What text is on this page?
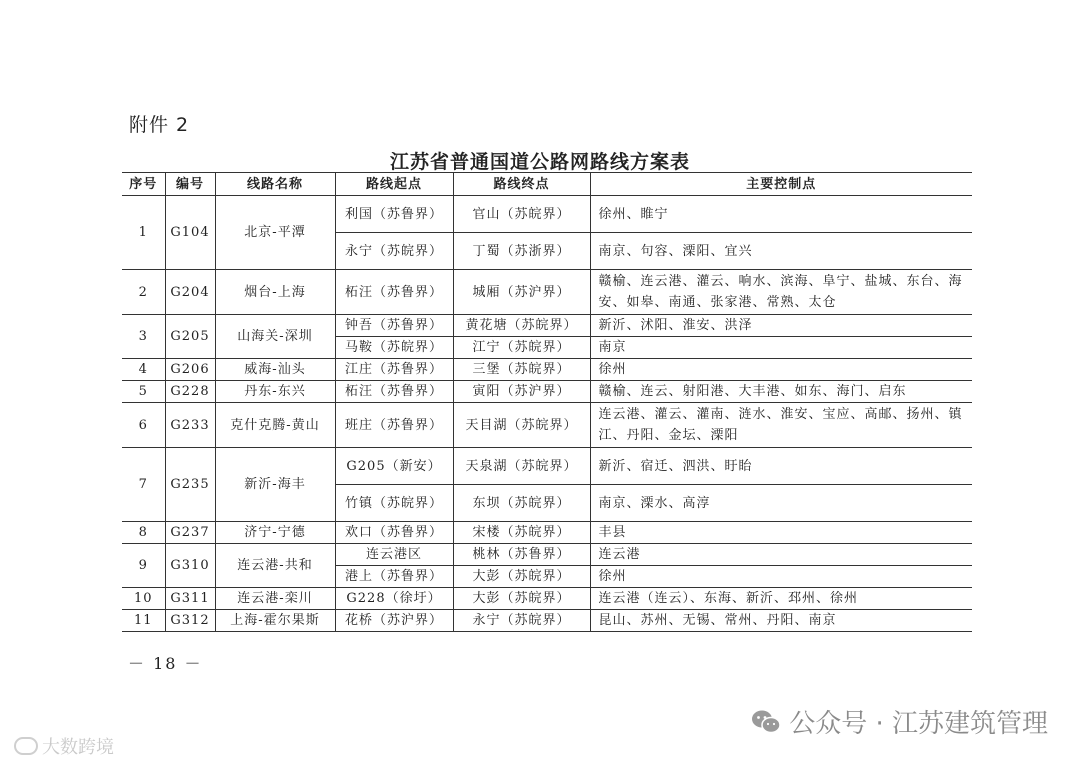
附件 2
江苏省普通国道公路网路线方案表
序号	编号	线路名称	路线起点	路线终点	主要控制点
1	G104	北京-平潭	利国（苏鲁界）	官山（苏皖界）	徐州、睢宁
			永宁（苏皖界）	丁蜀（苏浙界）	南京、句容、溧阳、宜兴
2	G204	烟台-上海	柘汪（苏鲁界）	城厢（苏沪界）	赣榆、连云港、灌云、响水、滨海、阜宁、盐城、东台、海安、如皋、南通、张家港、常熟、太仓
3	G205	山海关-深圳	钟吾（苏鲁界）	黄花塘（苏皖界）	新沂、沭阳、淮安、洪泽
			马鞍（苏皖界）	江宁（苏皖界）	南京
4	G206	威海-汕头	江庄（苏鲁界）	三堡（苏皖界）	徐州
5	G228	丹东-东兴	柘汪（苏鲁界）	寅阳（苏沪界）	赣榆、连云、射阳港、大丰港、如东、海门、启东
6	G233	克什克腾-黄山	班庄（苏鲁界）	天目湖（苏皖界）	连云港、灌云、灌南、涟水、淮安、宝应、高邮、扬州、镇江、丹阳、金坛、溧阳
7	G235	新沂-海丰	G205（新安）	天泉湖（苏皖界）	新沂、宿迁、泗洪、盱眙
			竹镇（苏皖界）	东坝（苏皖界）	南京、溧水、高淳
8	G237	济宁-宁德	欢口（苏鲁界）	宋楼（苏皖界）	丰县
9	G310	连云港-共和	连云港区	桃林（苏鲁界）	连云港
			港上（苏鲁界）	大彭（苏皖界）	徐州
10	G311	连云港-栾川	G228（徐圩）	大彭（苏皖界）	连云港（连云）、东海、新沂、邳州、徐州
11	G312	上海-霍尔果斯	花桥（苏沪界）	永宁（苏皖界）	昆山、苏州、无锡、常州、丹阳、南京
－ 18 －
大数跨境
公众号 · 江苏建筑管理
